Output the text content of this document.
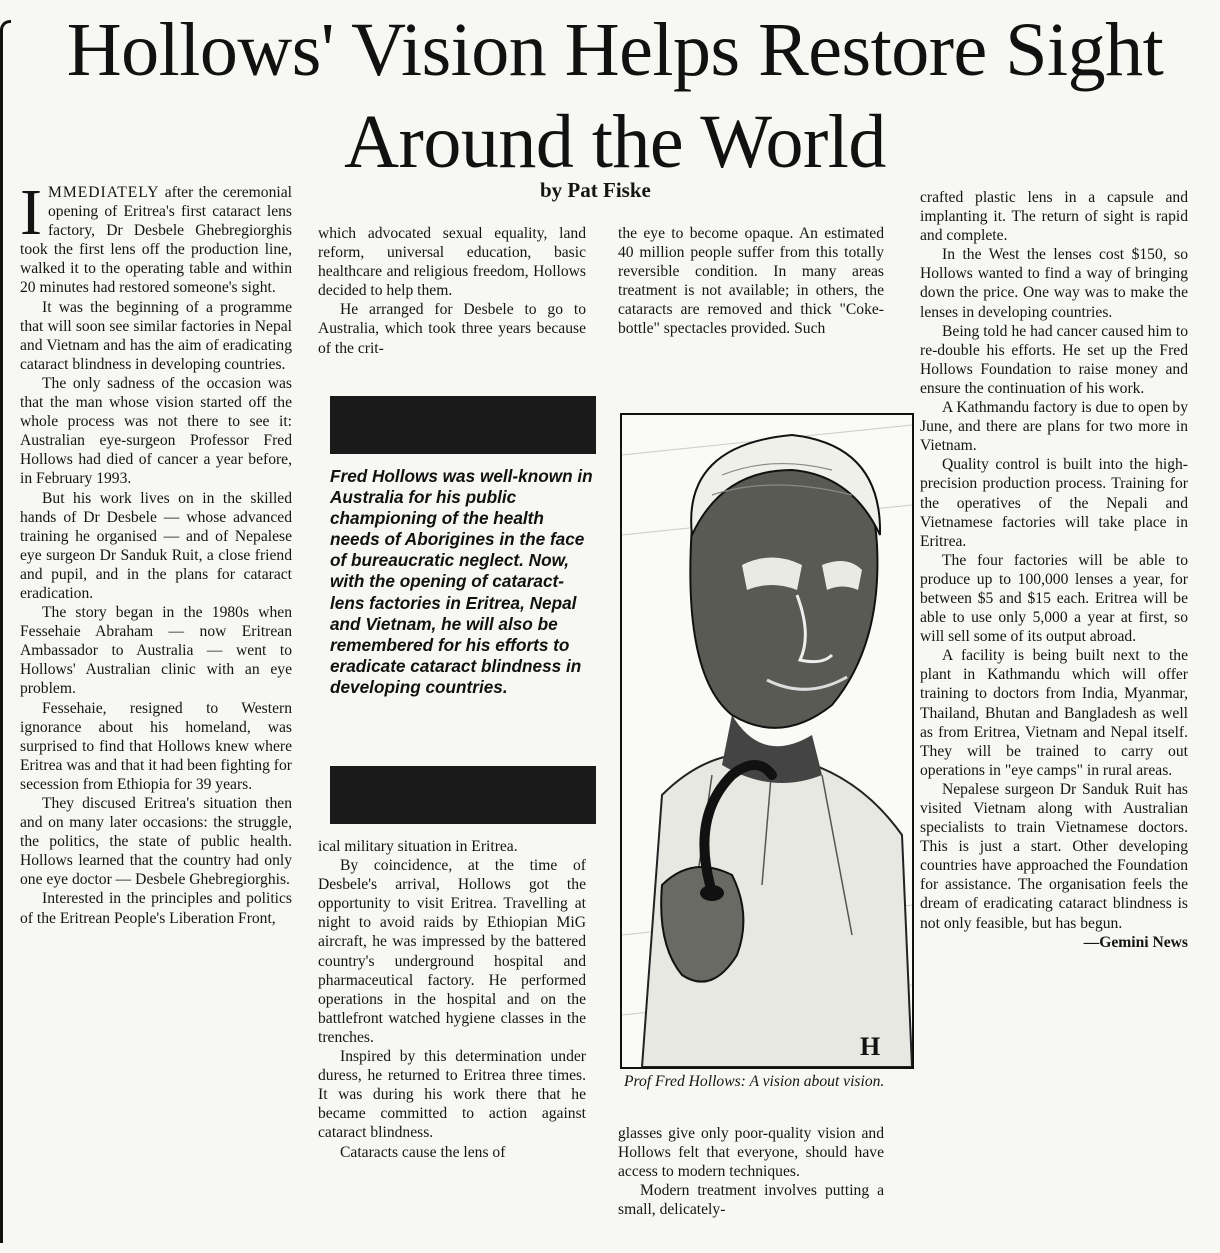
Hollows' Vision Helps Restore Sight Around the World
by Pat Fiske

IMMEDIATELY after the ceremonial opening of Eritrea's first cataract lens factory, Dr Desbele Ghebregiorghis took the first lens off the production line, walked it to the operating table and within 20 minutes had restored someone's sight.

It was the beginning of a programme that will soon see similar factories in Nepal and Vietnam and has the aim of eradicating cataract blindness in developing countries.

The only sadness of the occasion was that the man whose vision started off the whole process was not there to see it: Australian eye-surgeon Professor Fred Hollows had died of cancer a year before, in February 1993.

But his work lives on in the skilled hands of Dr Desbele — whose advanced training he organised — and of Nepalese eye surgeon Dr Sanduk Ruit, a close friend and pupil, and in the plans for cataract eradication.

The story began in the 1980s when Fessehaie Abraham — now Eritrean Ambassador to Australia — went to Hollows' Australian clinic with an eye problem.

Fessehaie, resigned to Western ignorance about his homeland, was surprised to find that Hollows knew where Eritrea was and that it had been fighting for secession from Ethiopia for 39 years.

They discused Eritrea's situation then and on many later occasions: the struggle, the politics, the state of public health. Hollows learned that the country had only one eye doctor — Desbele Ghebregiorghis.

Interested in the principles and politics of the Eritrean People's Liberation Front,

which advocated sexual equality, land reform, universal education, basic healthcare and religious freedom, Hollows decided to help them.

He arranged for Desbele to go to Australia, which took three years because of the crit-

Fred Hollows was well-known in Australia for his public championing of the health needs of Aborigines in the face of bureaucratic neglect. Now, with the opening of cataract-lens factories in Eritrea, Nepal and Vietnam, he will also be remembered for his efforts to eradicate cataract blindness in developing countries.

ical military situation in Eritrea.

By coincidence, at the time of Desbele's arrival, Hollows got the opportunity to visit Eritrea. Travelling at night to avoid raids by Ethiopian MiG aircraft, he was impressed by the battered country's underground hospital and pharmaceutical factory. He performed operations in the hospital and on the battlefront watched hygiene classes in the trenches.

Inspired by this determination under duress, he returned to Eritrea three times. It was during his work there that he became committed to action against cataract blindness.

Cataracts cause the lens of

the eye to become opaque. An estimated 40 million people suffer from this totally reversible condition. In many areas treatment is not available; in others, the cataracts are removed and thick "Coke-bottle" spectacles provided. Such

H

Prof Fred Hollows: A vision about vision.

glasses give only poor-quality vision and Hollows felt that everyone, should have access to modern techniques.

Modern treatment involves putting a small, delicately-

crafted plastic lens in a capsule and implanting it. The return of sight is rapid and complete.

In the West the lenses cost $150, so Hollows wanted to find a way of bringing down the price. One way was to make the lenses in developing countries.

Being told he had cancer caused him to re-double his efforts. He set up the Fred Hollows Foundation to raise money and ensure the continuation of his work.

A Kathmandu factory is due to open by June, and there are plans for two more in Vietnam.

Quality control is built into the high-precision production process. Training for the operatives of the Nepali and Vietnamese factories will take place in Eritrea.

The four factories will be able to produce up to 100,000 lenses a year, for between $5 and $15 each. Eritrea will be able to use only 5,000 a year at first, so will sell some of its output abroad.

A facility is being built next to the plant in Kathmandu which will offer training to doctors from India, Myanmar, Thailand, Bhutan and Bangladesh as well as from Eritrea, Vietnam and Nepal itself. They will be trained to carry out operations in "eye camps" in rural areas.

Nepalese surgeon Dr Sanduk Ruit has visited Vietnam along with Australian specialists to train Vietnamese doctors. This is just a start. Other developing countries have approached the Foundation for assistance. The organisation feels the dream of eradicating cataract blindness is not only feasible, but has begun.

—Gemini News
